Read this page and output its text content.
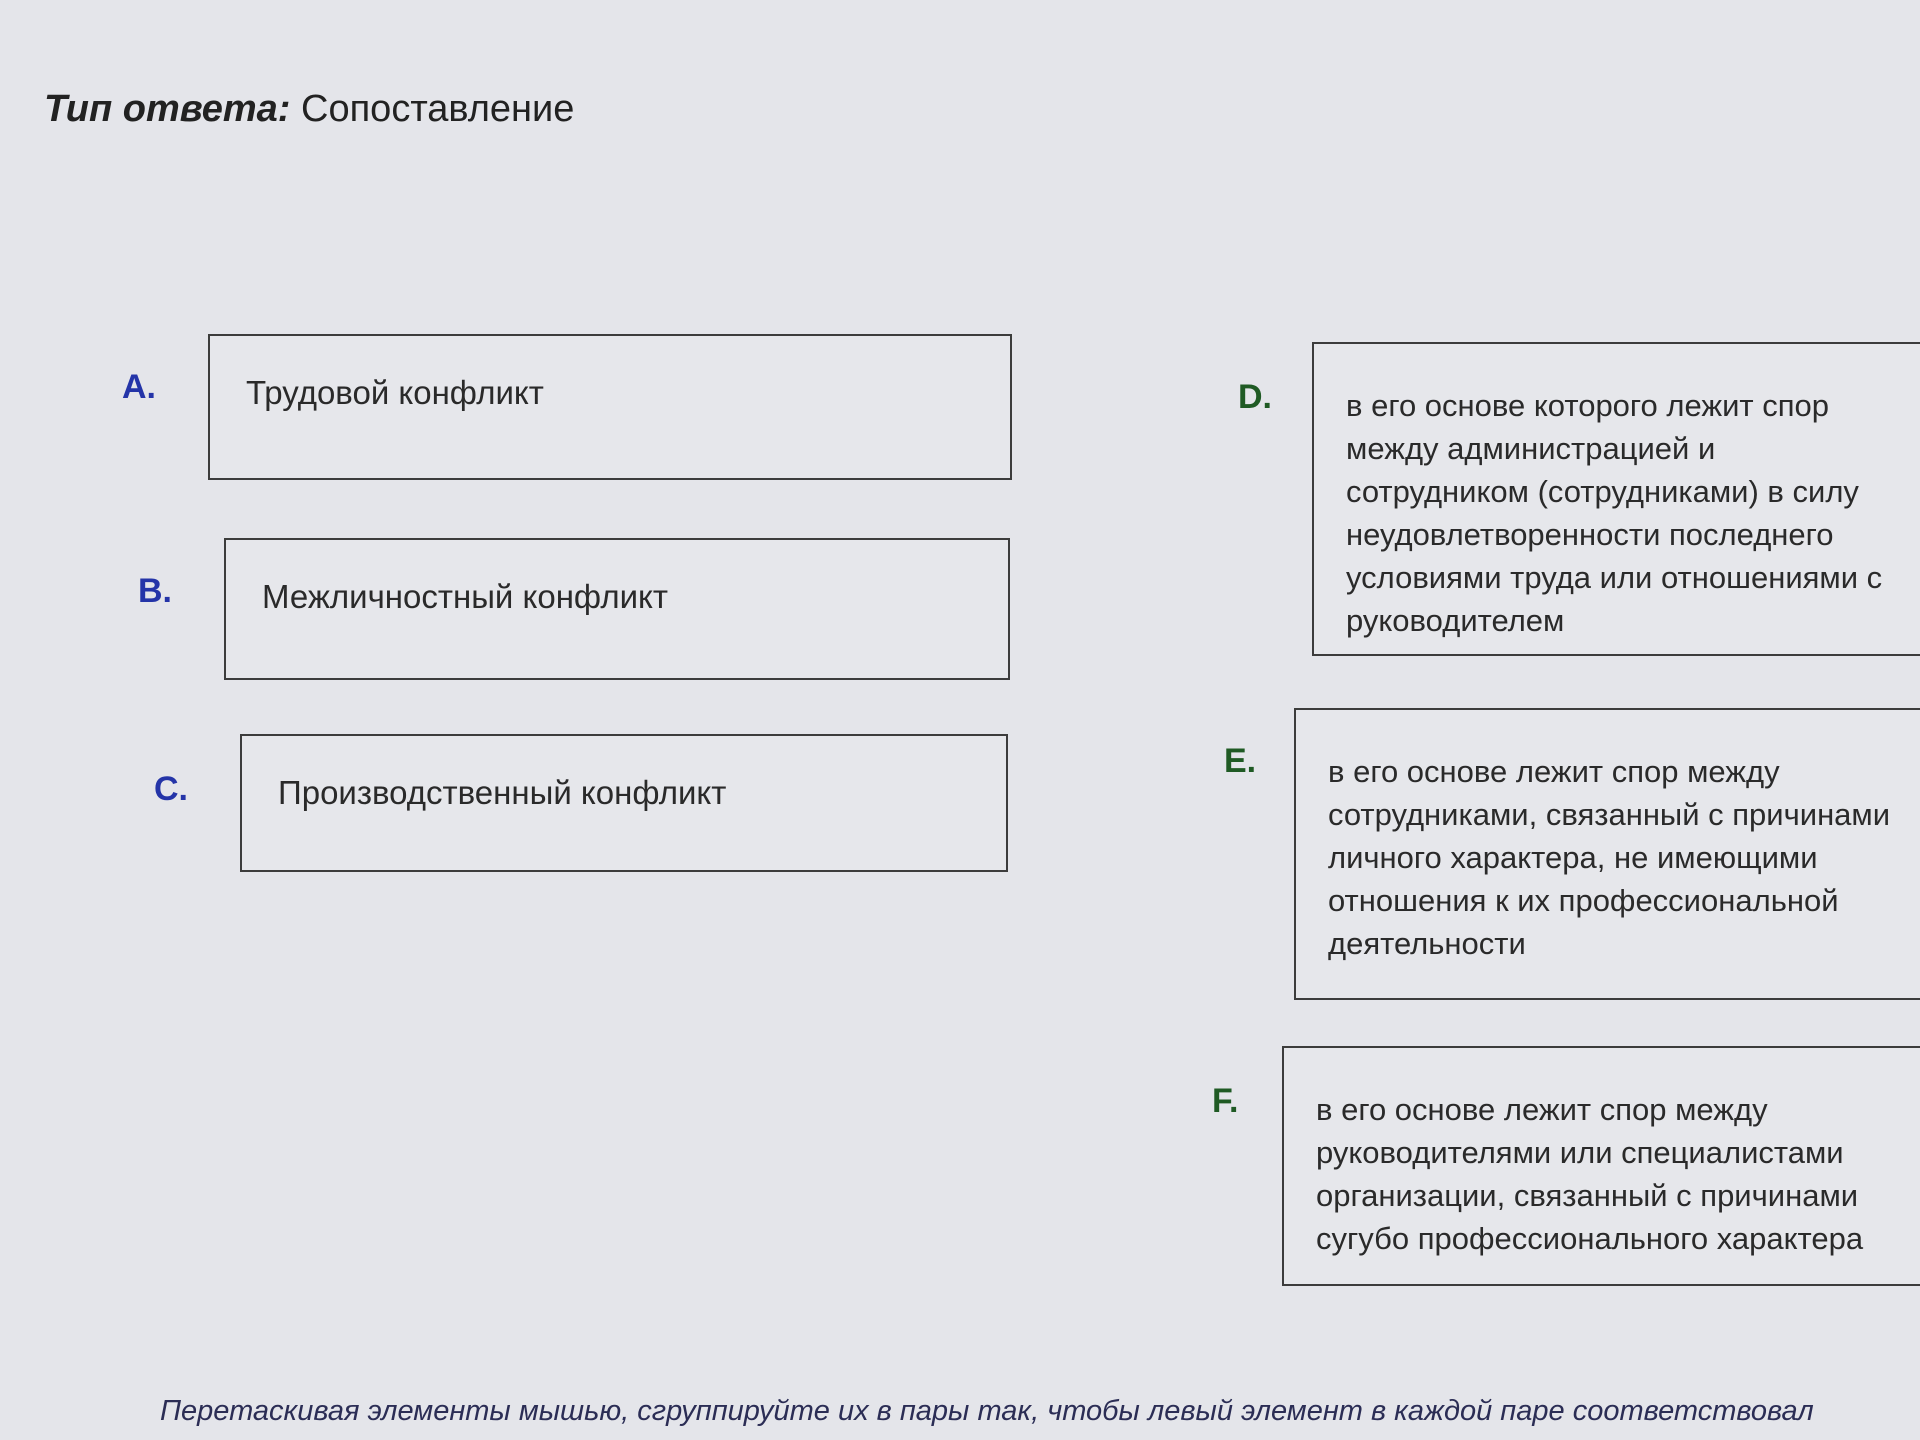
Тип ответа: Сопоставление
A.	Трудовой конфликт
B.	Межличностный конфликт
C.	Производственный конфликт
D. в его основе которого лежит спор между администрацией и сотрудником (сотрудниками) в силу неудовлетворенности последнего условиями труда или отношениями с руководителем
E. в его основе лежит спор между сотрудниками, связанный с причинами личного характера, не имеющими отношения к их профессиональной деятельности
F.	в его основе лежит спор между руководителями или специалистами организации, связанный с причинами сугубо профессионального характера
Перетаскивая элементы мышью, сгруппируйте их в пары так, чтобы левый элемент в каждой паре соответствовал
